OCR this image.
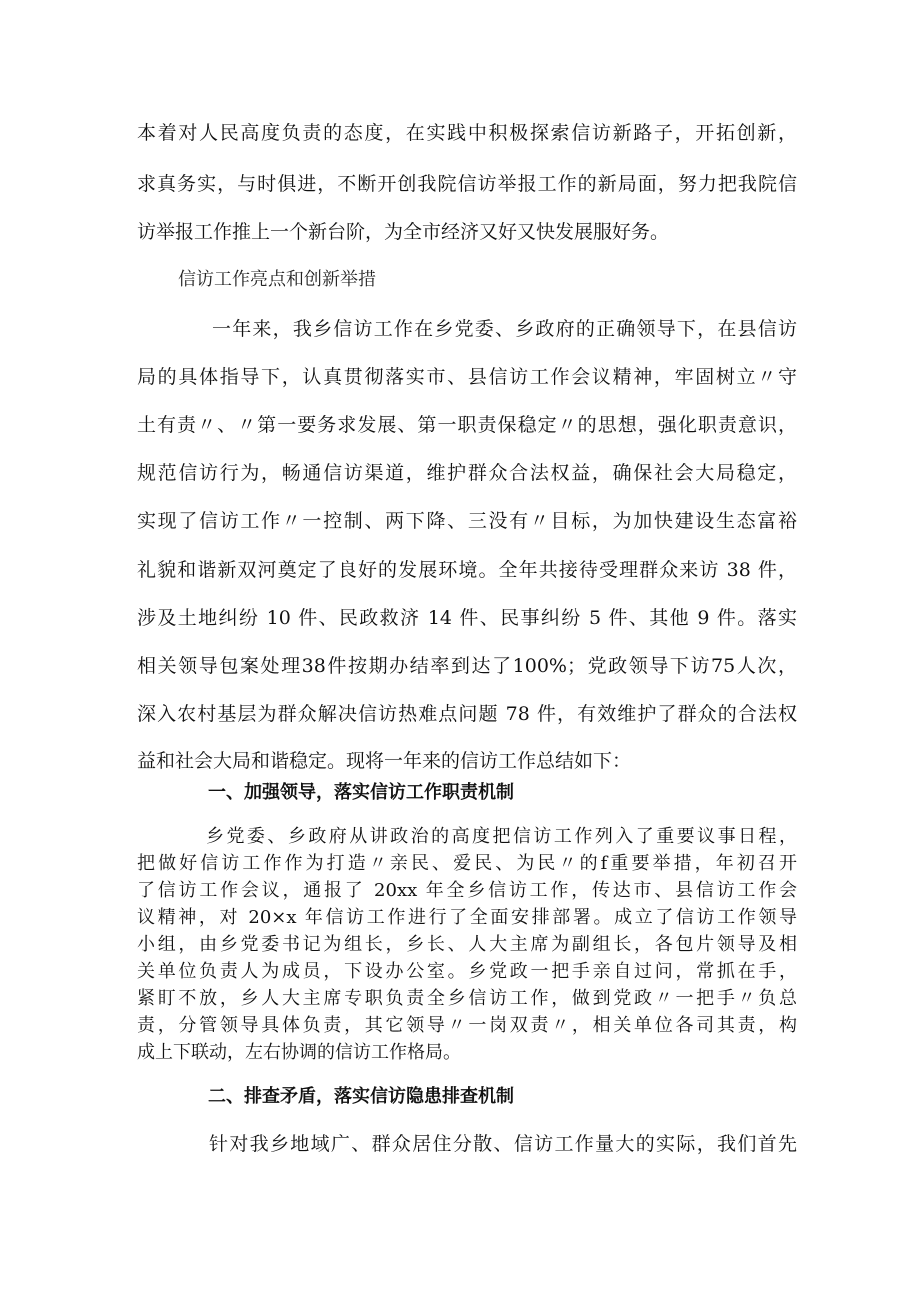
本着对人民高度负责的态度，在实践中积极探索信访新路子，开拓创新，
求真务实，与时俱进，不断开创我院信访举报工作的新局面，努力把我院信
访举报工作推上一个新台阶，为全市经济又好又快发展服好务。
信访工作亮点和创新举措
一年来，我乡信访工作在乡党委、乡政府的正确领导下，在县信访
局的具体指导下，认真贯彻落实市、县信访工作会议精神，牢固树立〃守
土有责〃、〃第一要务求发展、第一职责保稳定〃的思想，强化职责意识，
规范信访行为，畅通信访渠道，维护群众合法权益，确保社会大局稳定，
实现了信访工作〃一控制、两下降、三没有〃目标，为加快建设生态富裕
礼貌和谐新双河奠定了良好的发展环境。全年共接待受理群众来访 38 件，
涉及土地纠纷 10 件、民政救济 14 件、民事纠纷 5 件、其他 9 件。落实
相关领导包案处理38件按期办结率到达了100%；党政领导下访75人次，
深入农村基层为群众解决信访热难点问题 78 件，有效维护了群众的合法权
益和社会大局和谐稳定。现将一年来的信访工作总结如下：
一、加强领导，落实信访工作职责机制
乡党委、乡政府从讲政治的高度把信访工作列入了重要议事日程，
把做好信访工作作为打造〃亲民、爱民、为民〃的f重要举措，年初召开
了信访工作会议，通报了 20xx 年全乡信访工作，传达市、县信访工作会
议精神，对 20×x 年信访工作进行了全面安排部署。成立了信访工作领导
小组，由乡党委书记为组长，乡长、人大主席为副组长，各包片领导及相
关单位负责人为成员，下设办公室。乡党政一把手亲自过问，常抓在手，
紧盯不放，乡人大主席专职负责全乡信访工作，做到党政〃一把手〃负总
责，分管领导具体负责，其它领导〃一岗双责〃，相关单位各司其责，构
成上下联动，左右协调的信访工作格局。
二、排查矛盾，落实信访隐患排查机制
针对我乡地域广、群众居住分散、信访工作量大的实际，我们首先
